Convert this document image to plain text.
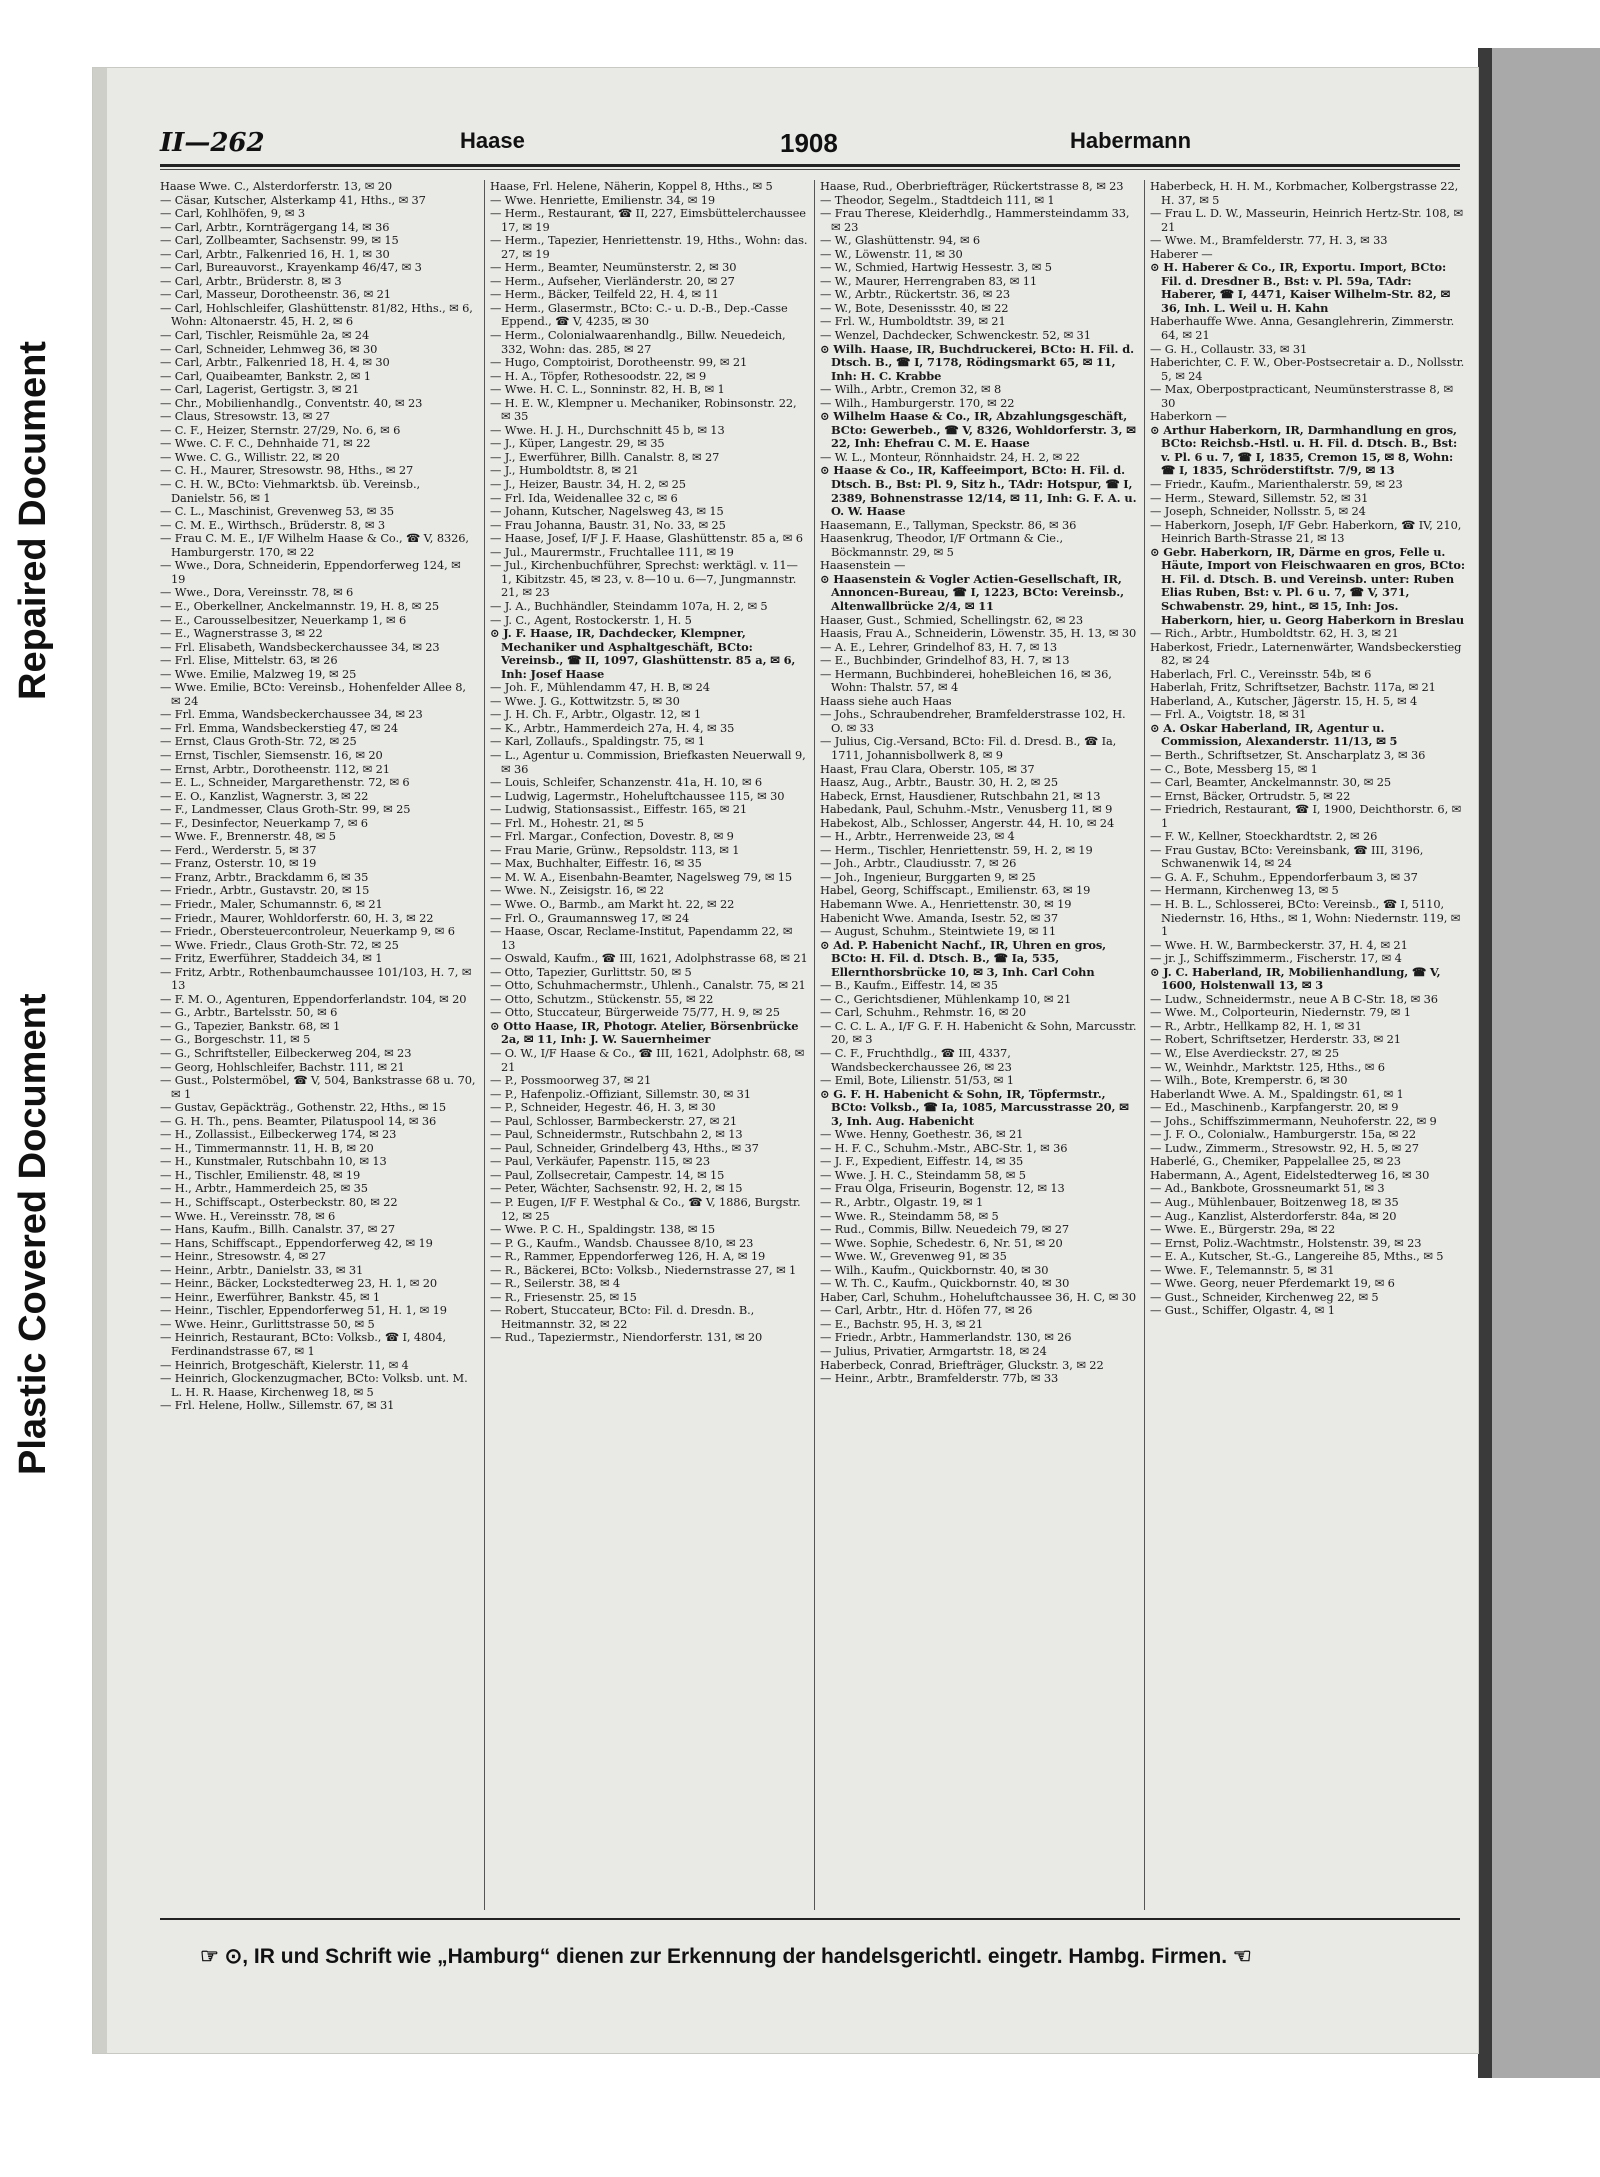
Repaired Document
Plastic Covered Document
II—262	Haase	1908	Habermann

Haase Wwe. C., Alsterdorferstr. 13, ✉ 20

— Cäsar, Kutscher, Alsterkamp 41, Hths., ✉ 37

— Carl, Kohlhöfen, 9, ✉ 3

— Carl, Arbtr., Kornträgergang 14, ✉ 36

— Carl, Zollbeamter, Sachsenstr. 99, ✉ 15

— Carl, Arbtr., Falkenried 16, H. 1, ✉ 30

— Carl, Bureauvorst., Krayenkamp 46/47, ✉ 3

— Carl, Arbtr., Brüderstr. 8, ✉ 3

— Carl, Masseur, Dorotheenstr. 36, ✉ 21

— Carl, Hohlschleifer, Glashüttenstr. 81/82, Hths., ✉ 6, Wohn: Altonaerstr. 45, H. 2, ✉ 6

— Carl, Tischler, Reismühle 2a, ✉ 24

— Carl, Schneider, Lehmweg 36, ✉ 30

— Carl, Arbtr., Falkenried 18, H. 4, ✉ 30

— Carl, Quaibeamter, Bankstr. 2, ✉ 1

— Carl, Lagerist, Gertigstr. 3, ✉ 21

— Chr., Mobilienhandlg., Conventstr. 40, ✉ 23

— Claus, Stresowstr. 13, ✉ 27

— C. F., Heizer, Sternstr. 27/29, No. 6, ✉ 6

— Wwe. C. F. C., Dehnhaide 71, ✉ 22

— Wwe. C. G., Willistr. 22, ✉ 20

— C. H., Maurer, Stresowstr. 98, Hths., ✉ 27

— C. H. W., BCto: Viehmarktsb. üb. Vereinsb., Danielstr. 56, ✉ 1

— C. L., Maschinist, Grevenweg 53, ✉ 35

— C. M. E., Wirthsch., Brüderstr. 8, ✉ 3

— Frau C. M. E., I/F Wilhelm Haase & Co., ☎ V, 8326, Hamburgerstr. 170, ✉ 22

— Wwe., Dora, Schneiderin, Eppendorferweg 124, ✉ 19

— Wwe., Dora, Vereinsstr. 78, ✉ 6

— E., Oberkellner, Anckelmannstr. 19, H. 8, ✉ 25

— E., Carousselbesitzer, Neuerkamp 1, ✉ 6

— E., Wagnerstrasse 3, ✉ 22

— Frl. Elisabeth, Wandsbeckerchaussee 34, ✉ 23

— Frl. Elise, Mittelstr. 63, ✉ 26

— Wwe. Emilie, Malzweg 19, ✉ 25

— Wwe. Emilie, BCto: Vereinsb., Hohenfelder Allee 8, ✉ 24

— Frl. Emma, Wandsbeckerchaussee 34, ✉ 23

— Frl. Emma, Wandsbeckerstieg 47, ✉ 24

— Ernst, Claus Groth-Str. 72, ✉ 25

— Ernst, Tischler, Siemsenstr. 16, ✉ 20

— Ernst, Arbtr., Dorotheenstr. 112, ✉ 21

— E. L., Schneider, Margarethenstr. 72, ✉ 6

— E. O., Kanzlist, Wagnerstr. 3, ✉ 22

— F., Landmesser, Claus Groth-Str. 99, ✉ 25

— F., Desinfector, Neuerkamp 7, ✉ 6

— Wwe. F., Brennerstr. 48, ✉ 5

— Ferd., Werderstr. 5, ✉ 37

— Franz, Osterstr. 10, ✉ 19

— Franz, Arbtr., Brackdamm 6, ✉ 35

— Friedr., Arbtr., Gustavstr. 20, ✉ 15

— Friedr., Maler, Schumannstr. 6, ✉ 21

— Friedr., Maurer, Wohldorferstr. 60, H. 3, ✉ 22

— Friedr., Obersteuercontroleur, Neuerkamp 9, ✉ 6

— Wwe. Friedr., Claus Groth-Str. 72, ✉ 25

— Fritz, Ewerführer, Staddeich 34, ✉ 1

— Fritz, Arbtr., Rothenbaumchaussee 101/103, H. 7, ✉ 13

— F. M. O., Agenturen, Eppendorferlandstr. 104, ✉ 20

— G., Arbtr., Bartelsstr. 50, ✉ 6

— G., Tapezier, Bankstr. 68, ✉ 1

— G., Borgeschstr. 11, ✉ 5

— G., Schriftsteller, Eilbeckerweg 204, ✉ 23

— Georg, Hohlschleifer, Bachstr. 111, ✉ 21

— Gust., Polstermöbel, ☎ V, 504, Bankstrasse 68 u. 70, ✉ 1

— Gustav, Gepäckträg., Gothenstr. 22, Hths., ✉ 15

— G. H. Th., pens. Beamter, Pilatuspool 14, ✉ 36

— H., Zollassist., Eilbeckerweg 174, ✉ 23

— H., Timmermannstr. 11, H. B, ✉ 20

— H., Kunstmaler, Rutschbahn 10, ✉ 13

— H., Tischler, Emilienstr. 48, ✉ 19

— H., Arbtr., Hammerdeich 25, ✉ 35

— H., Schiffscapt., Osterbeckstr. 80, ✉ 22

— Wwe. H., Vereinsstr. 78, ✉ 6

— Hans, Kaufm., Billh. Canalstr. 37, ✉ 27

— Hans, Schiffscapt., Eppendorferweg 42, ✉ 19

— Heinr., Stresowstr. 4, ✉ 27

— Heinr., Arbtr., Danielstr. 33, ✉ 31

— Heinr., Bäcker, Lockstedterweg 23, H. 1, ✉ 20

— Heinr., Ewerführer, Bankstr. 45, ✉ 1

— Heinr., Tischler, Eppendorferweg 51, H. 1, ✉ 19

— Wwe. Heinr., Gurlittstrasse 50, ✉ 5

— Heinrich, Restaurant, BCto: Volksb., ☎ I, 4804, Ferdinandstrasse 67, ✉ 1

— Heinrich, Brotgeschäft, Kielerstr. 11, ✉ 4

— Heinrich, Glockenzugmacher, BCto: Volksb. unt. M. L. H. R. Haase, Kirchenweg 18, ✉ 5

— Frl. Helene, Hollw., Sillemstr. 67, ✉ 31

Haase, Frl. Helene, Näherin, Koppel 8, Hths., ✉ 5

— Wwe. Henriette, Emilienstr. 34, ✉ 19

— Herm., Restaurant, ☎ II, 227, Eimsbüttelerchaussee 17, ✉ 19

— Herm., Tapezier, Henriettenstr. 19, Hths., Wohn: das. 27, ✉ 19

— Herm., Beamter, Neumünsterstr. 2, ✉ 30

— Herm., Aufseher, Vierländerstr. 20, ✉ 27

— Herm., Bäcker, Teilfeld 22, H. 4, ✉ 11

— Herm., Glasermstr., BCto: C.- u. D.-B., Dep.-Casse Eppend., ☎ V, 4235, ✉ 30

— Herm., Colonialwaarenhandlg., Billw. Neuedeich, 332, Wohn: das. 285, ✉ 27

— Hugo, Comptoirist, Dorotheenstr. 99, ✉ 21

— H. A., Töpfer, Rothesoodstr. 22, ✉ 9

— Wwe. H. C. L., Sonninstr. 82, H. B, ✉ 1

— H. E. W., Klempner u. Mechaniker, Robinsonstr. 22, ✉ 35

— Wwe. H. J. H., Durchschnitt 45 b, ✉ 13

— J., Küper, Langestr. 29, ✉ 35

— J., Ewerführer, Billh. Canalstr. 8, ✉ 27

— J., Humboldtstr. 8, ✉ 21

— J., Heizer, Baustr. 34, H. 2, ✉ 25

— Frl. Ida, Weidenallee 32 c, ✉ 6

— Johann, Kutscher, Nagelsweg 43, ✉ 15

— Frau Johanna, Baustr. 31, No. 33, ✉ 25

— Haase, Josef, I/F J. F. Haase, Glashüttenstr. 85 a, ✉ 6

— Jul., Maurermstr., Fruchtallee 111, ✉ 19

— Jul., Kirchenbuchführer, Sprechst: werktägl. v. 11—1, Kibitzstr. 45, ✉ 23, v. 8—10 u. 6—7, Jungmannstr. 21, ✉ 23

— J. A., Buchhändler, Steindamm 107a, H. 2, ✉ 5

— J. C., Agent, Rostockerstr. 1, H. 5

⊙ J. F. Haase, IR, Dachdecker, Klempner, Mechaniker und Asphaltgeschäft, BCto: Vereinsb., ☎ II, 1097, Glashüttenstr. 85 a, ✉ 6, Inh: Josef Haase

— Joh. F., Mühlendamm 47, H. B, ✉ 24

— Wwe. J. G., Kottwitzstr. 5, ✉ 30

— J. H. Ch. F., Arbtr., Olgastr. 12, ✉ 1

— K., Arbtr., Hammerdeich 27a, H. 4, ✉ 35

— Karl, Zollaufs., Spaldingstr. 75, ✉ 1

— L., Agentur u. Commission, Briefkasten Neuerwall 9, ✉ 36

— Louis, Schleifer, Schanzenstr. 41a, H. 10, ✉ 6

— Ludwig, Lagermstr., Hoheluftchaussee 115, ✉ 30

— Ludwig, Stationsassist., Eiffestr. 165, ✉ 21

— Frl. M., Hohestr. 21, ✉ 5

— Frl. Margar., Confection, Dovestr. 8, ✉ 9

— Frau Marie, Grünw., Repsoldstr. 113, ✉ 1

— Max, Buchhalter, Eiffestr. 16, ✉ 35

— M. W. A., Eisenbahn-Beamter, Nagelsweg 79, ✉ 15

— Wwe. N., Zeisigstr. 16, ✉ 22

— Wwe. O., Barmb., am Markt ht. 22, ✉ 22

— Frl. O., Graumannsweg 17, ✉ 24

— Haase, Oscar, Reclame-Institut, Papendamm 22, ✉ 13

— Oswald, Kaufm., ☎ III, 1621, Adolphstrasse 68, ✉ 21

— Otto, Tapezier, Gurlittstr. 50, ✉ 5

— Otto, Schuhmachermstr., Uhlenh., Canalstr. 75, ✉ 21

— Otto, Schutzm., Stückenstr. 55, ✉ 22

— Otto, Stuccateur, Bürgerweide 75/77, H. 9, ✉ 25

⊙ Otto Haase, IR, Photogr. Atelier, Börsenbrücke 2a, ✉ 11, Inh: J. W. Sauernheimer

— O. W., I/F Haase & Co., ☎ III, 1621, Adolphstr. 68, ✉ 21

— P., Possmoorweg 37, ✉ 21

— P., Hafenpoliz.-Offiziant, Sillemstr. 30, ✉ 31

— P., Schneider, Hegestr. 46, H. 3, ✉ 30

— Paul, Schlosser, Barmbeckerstr. 27, ✉ 21

— Paul, Schneidermstr., Rutschbahn 2, ✉ 13

— Paul, Schneider, Grindelberg 43, Hths., ✉ 37

— Paul, Verkäufer, Papenstr. 115, ✉ 23

— Paul, Zollsecretair, Campestr. 14, ✉ 15

— Peter, Wächter, Sachsenstr. 92, H. 2, ✉ 15

— P. Eugen, I/F F. Westphal & Co., ☎ V, 1886, Burgstr. 12, ✉ 25

— Wwe. P. C. H., Spaldingstr. 138, ✉ 15

— P. G., Kaufm., Wandsb. Chaussee 8/10, ✉ 23

— R., Rammer, Eppendorferweg 126, H. A, ✉ 19

— R., Bäckerei, BCto: Volksb., Niedernstrasse 27, ✉ 1

— R., Seilerstr. 38, ✉ 4

— R., Friesenstr. 25, ✉ 15

— Robert, Stuccateur, BCto: Fil. d. Dresdn. B., Heitmannstr. 32, ✉ 22

— Rud., Tapeziermstr., Niendorferstr. 131, ✉ 20

Haase, Rud., Oberbriefträger, Rückertstrasse 8, ✉ 23

— Theodor, Segelm., Stadtdeich 111, ✉ 1

— Frau Therese, Kleiderhdlg., Hammersteindamm 33, ✉ 23

— W., Glashüttenstr. 94, ✉ 6

— W., Löwenstr. 11, ✉ 30

— W., Schmied, Hartwig Hessestr. 3, ✉ 5

— W., Maurer, Herrengraben 83, ✉ 11

— W., Arbtr., Rückertstr. 36, ✉ 23

— W., Bote, Desenissstr. 40, ✉ 22

— Frl. W., Humboldtstr. 39, ✉ 21

— Wenzel, Dachdecker, Schwenckestr. 52, ✉ 31

⊙ Wilh. Haase, IR, Buchdruckerei, BCto: H. Fil. d. Dtsch. B., ☎ I, 7178, Rödingsmarkt 65, ✉ 11, Inh: H. C. Krabbe

— Wilh., Arbtr., Cremon 32, ✉ 8

— Wilh., Hamburgerstr. 170, ✉ 22

⊙ Wilhelm Haase & Co., IR, Abzahlungsgeschäft, BCto: Gewerbeb., ☎ V, 8326, Wohldorferstr. 3, ✉ 22, Inh: Ehefrau C. M. E. Haase

— W. L., Monteur, Rönnhaidstr. 24, H. 2, ✉ 22

⊙ Haase & Co., IR, Kaffeeimport, BCto: H. Fil. d. Dtsch. B., Bst: Pl. 9, Sitz h., TAdr: Hotspur, ☎ I, 2389, Bohnenstrasse 12/14, ✉ 11, Inh: G. F. A. u. O. W. Haase

Haasemann, E., Tallyman, Speckstr. 86, ✉ 36

Haasenkrug, Theodor, I/F Ortmann & Cie., Böckmannstr. 29, ✉ 5

Haasenstein —

⊙ Haasenstein & Vogler Actien-Gesellschaft, IR, Annoncen-Bureau, ☎ I, 1223, BCto: Vereinsb., Altenwallbrücke 2/4, ✉ 11

Haaser, Gust., Schmied, Schellingstr. 62, ✉ 23

Haasis, Frau A., Schneiderin, Löwenstr. 35, H. 13, ✉ 30

— A. E., Lehrer, Grindelhof 83, H. 7, ✉ 13

— E., Buchbinder, Grindelhof 83, H. 7, ✉ 13

— Hermann, Buchbinderei, hoheBleichen 16, ✉ 36, Wohn: Thalstr. 57, ✉ 4

Haass siehe auch Haas

— Johs., Schraubendreher, Bramfelderstrasse 102, H. O. ✉ 33

— Julius, Cig.-Versand, BCto: Fil. d. Dresd. B., ☎ Ia, 1711, Johannisbollwerk 8, ✉ 9

Haast, Frau Clara, Oberstr. 105, ✉ 37

Haasz, Aug., Arbtr., Baustr. 30, H. 2, ✉ 25

Habeck, Ernst, Hausdiener, Rutschbahn 21, ✉ 13

Habedank, Paul, Schuhm.-Mstr., Venusberg 11, ✉ 9

Habekost, Alb., Schlosser, Angerstr. 44, H. 10, ✉ 24

— H., Arbtr., Herrenweide 23, ✉ 4

— Herm., Tischler, Henriettenstr. 59, H. 2, ✉ 19

— Joh., Arbtr., Claudiusstr. 7, ✉ 26

— Joh., Ingenieur, Burggarten 9, ✉ 25

Habel, Georg, Schiffscapt., Emilienstr. 63, ✉ 19

Habemann Wwe. A., Henriettenstr. 30, ✉ 19

Habenicht Wwe. Amanda, Isestr. 52, ✉ 37

— August, Schuhm., Steintwiete 19, ✉ 11

⊙ Ad. P. Habenicht Nachf., IR, Uhren en gros, BCto: H. Fil. d. Dtsch. B., ☎ Ia, 535, Ellernthorsbrücke 10, ✉ 3, Inh. Carl Cohn

— B., Kaufm., Eiffestr. 14, ✉ 35

— C., Gerichtsdiener, Mühlenkamp 10, ✉ 21

— Carl, Schuhm., Rehmstr. 16, ✉ 20

— C. C. L. A., I/F G. F. H. Habenicht & Sohn, Marcusstr. 20, ✉ 3

— C. F., Fruchthdlg., ☎ III, 4337, Wandsbeckerchaussee 26, ✉ 23

— Emil, Bote, Lilienstr. 51/53, ✉ 1

⊙ G. F. H. Habenicht & Sohn, IR, Töpfermstr., BCto: Volksb., ☎ Ia, 1085, Marcusstrasse 20, ✉ 3, Inh. Aug. Habenicht

— Wwe. Henny, Goethestr. 36, ✉ 21

— H. F. C., Schuhm.-Mstr., ABC-Str. 1, ✉ 36

— J. F., Expedient, Eiffestr. 14, ✉ 35

— Wwe. J. H. C., Steindamm 58, ✉ 5

— Frau Olga, Friseurin, Bogenstr. 12, ✉ 13

— R., Arbtr., Olgastr. 19, ✉ 1

— Wwe. R., Steindamm 58, ✉ 5

— Rud., Commis, Billw. Neuedeich 79, ✉ 27

— Wwe. Sophie, Schedestr. 6, Nr. 51, ✉ 20

— Wwe. W., Grevenweg 91, ✉ 35

— Wilh., Kaufm., Quickbornstr. 40, ✉ 30

— W. Th. C., Kaufm., Quickbornstr. 40, ✉ 30

Haber, Carl, Schuhm., Hoheluftchaussee 36, H. C, ✉ 30

— Carl, Arbtr., Htr. d. Höfen 77, ✉ 26

— E., Bachstr. 95, H. 3, ✉ 21

— Friedr., Arbtr., Hammerlandstr. 130, ✉ 26

— Julius, Privatier, Armgartstr. 18, ✉ 24

Haberbeck, Conrad, Briefträger, Gluckstr. 3, ✉ 22

— Heinr., Arbtr., Bramfelderstr. 77b, ✉ 33

Haberbeck, H. H. M., Korbmacher, Kolbergstrasse 22, H. 37, ✉ 5

— Frau L. D. W., Masseurin, Heinrich Hertz-Str. 108, ✉ 21

— Wwe. M., Bramfelderstr. 77, H. 3, ✉ 33

Haberer —

⊙ H. Haberer & Co., IR, Exportu. Import, BCto: Fil. d. Dresdner B., Bst: v. Pl. 59a, TAdr: Haberer, ☎ I, 4471, Kaiser Wilhelm-Str. 82, ✉ 36, Inh. L. Weil u. H. Kahn

Haberhauffe Wwe. Anna, Gesanglehrerin, Zimmerstr. 64, ✉ 21

— G. H., Collaustr. 33, ✉ 31

Haberichter, C. F. W., Ober-Postsecretair a. D., Nollsstr. 5, ✉ 24

— Max, Oberpostpracticant, Neumünsterstrasse 8, ✉ 30

Haberkorn —

⊙ Arthur Haberkorn, IR, Darmhandlung en gros, BCto: Reichsb.-Hstl. u. H. Fil. d. Dtsch. B., Bst: v. Pl. 6 u. 7, ☎ I, 1835, Cremon 15, ✉ 8, Wohn: ☎ I, 1835, Schröderstiftstr. 7/9, ✉ 13

— Friedr., Kaufm., Marienthalerstr. 59, ✉ 23

— Herm., Steward, Sillemstr. 52, ✉ 31

— Joseph, Schneider, Nollsstr. 5, ✉ 24

— Haberkorn, Joseph, I/F Gebr. Haberkorn, ☎ IV, 210, Heinrich Barth-Strasse 21, ✉ 13

⊙ Gebr. Haberkorn, IR, Därme en gros, Felle u. Häute, Import von Fleischwaaren en gros, BCto: H. Fil. d. Dtsch. B. und Vereinsb. unter: Ruben Elias Ruben, Bst: v. Pl. 6 u. 7, ☎ V, 371, Schwabenstr. 29, hint., ✉ 15, Inh: Jos. Haberkorn, hier, u. Georg Haberkorn in Breslau

— Rich., Arbtr., Humboldtstr. 62, H. 3, ✉ 21

Haberkost, Friedr., Laternenwärter, Wandsbeckerstieg 82, ✉ 24

Haberlach, Frl. C., Vereinsstr. 54b, ✉ 6

Haberlah, Fritz, Schriftsetzer, Bachstr. 117a, ✉ 21

Haberland, A., Kutscher, Jägerstr. 15, H. 5, ✉ 4

— Frl. A., Voigtstr. 18, ✉ 31

⊙ A. Oskar Haberland, IR, Agentur u. Commission, Alexanderstr. 11/13, ✉ 5

— Berth., Schriftsetzer, St. Anscharplatz 3, ✉ 36

— C., Bote, Messberg 15, ✉ 1

— Carl, Beamter, Anckelmannstr. 30, ✉ 25

— Ernst, Bäcker, Ortrudstr. 5, ✉ 22

— Friedrich, Restaurant, ☎ I, 1900, Deichthorstr. 6, ✉ 1

— F. W., Kellner, Stoeckhardtstr. 2, ✉ 26

— Frau Gustav, BCto: Vereinsbank, ☎ III, 3196, Schwanenwik 14, ✉ 24

— G. A. F., Schuhm., Eppendorferbaum 3, ✉ 37

— Hermann, Kirchenweg 13, ✉ 5

— H. B. L., Schlosserei, BCto: Vereinsb., ☎ I, 5110, Niedernstr. 16, Hths., ✉ 1, Wohn: Niedernstr. 119, ✉ 1

— Wwe. H. W., Barmbeckerstr. 37, H. 4, ✉ 21

— jr. J., Schiffszimmerm., Fischerstr. 17, ✉ 4

⊙ J. C. Haberland, IR, Mobilienhandlung, ☎ V, 1600, Holstenwall 13, ✉ 3

— Ludw., Schneidermstr., neue A B C-Str. 18, ✉ 36

— Wwe. M., Colporteurin, Niedernstr. 79, ✉ 1

— R., Arbtr., Hellkamp 82, H. 1, ✉ 31

— Robert, Schriftsetzer, Herderstr. 33, ✉ 21

— W., Else Averdieckstr. 27, ✉ 25

— W., Weinhdr., Marktstr. 125, Hths., ✉ 6

— Wilh., Bote, Kremperstr. 6, ✉ 30

Haberlandt Wwe. A. M., Spaldingstr. 61, ✉ 1

— Ed., Maschinenb., Karpfangerstr. 20, ✉ 9

— Johs., Schiffszimmermann, Neuhoferstr. 22, ✉ 9

— J. F. O., Colonialw., Hamburgerstr. 15a, ✉ 22

— Ludw., Zimmerm., Stresowstr. 92, H. 5, ✉ 27

Haberlé, G., Chemiker, Pappelallee 25, ✉ 23

Habermann, A., Agent, Eidelstedterweg 16, ✉ 30

— Ad., Bankbote, Grossneumarkt 51, ✉ 3

— Aug., Mühlenbauer, Boitzenweg 18, ✉ 35

— Aug., Kanzlist, Alsterdorferstr. 84a, ✉ 20

— Wwe. E., Bürgerstr. 29a, ✉ 22

— Ernst, Poliz.-Wachtmstr., Holstenstr. 39, ✉ 23

— E. A., Kutscher, St.-G., Langereihe 85, Mths., ✉ 5

— Wwe. F., Telemannstr. 5, ✉ 31

— Wwe. Georg, neuer Pferdemarkt 19, ✉ 6

— Gust., Schneider, Kirchenweg 22, ✉ 5

— Gust., Schiffer, Olgastr. 4, ✉ 1

☞ ⊙, IR und Schrift wie „Hamburg“ dienen zur Erkennung der handelsgerichtl. eingetr. Hambg. Firmen. ☜
